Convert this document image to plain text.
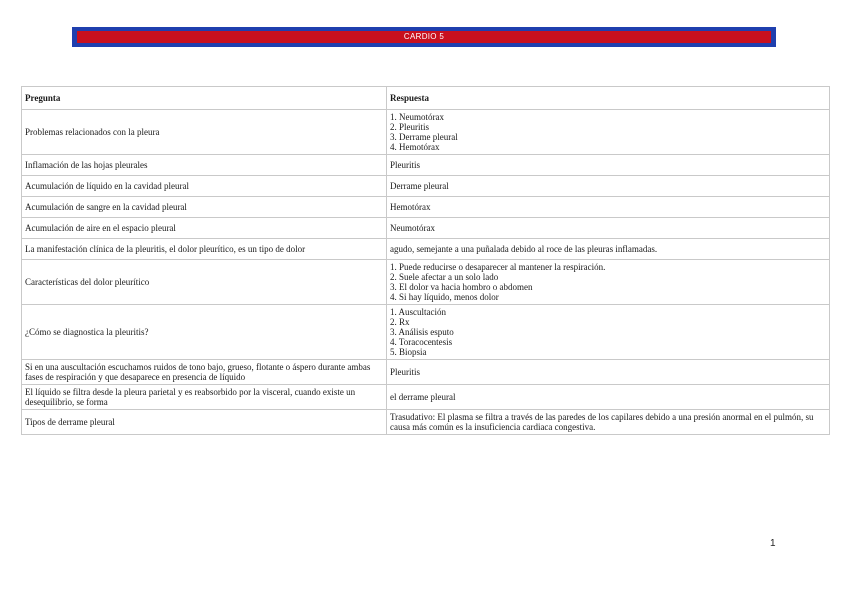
CARDIO 5
Pregunta	Respuesta
Problemas relacionados con la pleura	1. Neumotórax
2. Pleuritis
3. Derrame pleural
4. Hemotórax

Inflamación de las hojas pleurales	Pleuritis
Acumulación de líquido en la cavidad pleural	Derrame pleural
Acumulación de sangre en la cavidad pleural	Hemotórax
Acumulación de aire en el espacio pleural	Neumotórax
La manifestación clínica de la pleuritis, el dolor pleurítico, es un tipo de dolor	agudo, semejante a una puñalada debido al roce de las pleuras inflamadas.
Características del dolor pleurítico	1. Puede reducirse o desaparecer al mantener la respiración.
2. Suele afectar a un solo lado
3. El dolor va hacia hombro o abdomen
4. Si hay líquido, menos dolor

¿Cómo se diagnostica la pleuritis?	1. Auscultación
2. Rx
3. Análisis esputo
4. Toracocentesis
5. Biopsia

Si en una auscultación escuchamos ruidos de tono bajo, grueso, flotante o áspero durante ambas fases de respiración y que desaparece en presencia de líquido	Pleuritis
El líquido se filtra desde la pleura parietal y es reabsorbido por la visceral, cuando existe un desequilibrio, se forma	el derrame pleural
Tipos de derrame pleural	Trasudativo: El plasma se filtra a través de las paredes de los capilares debido a una presión anormal en el pulmón, su causa más común es la insuficiencia cardiaca congestiva.
1
